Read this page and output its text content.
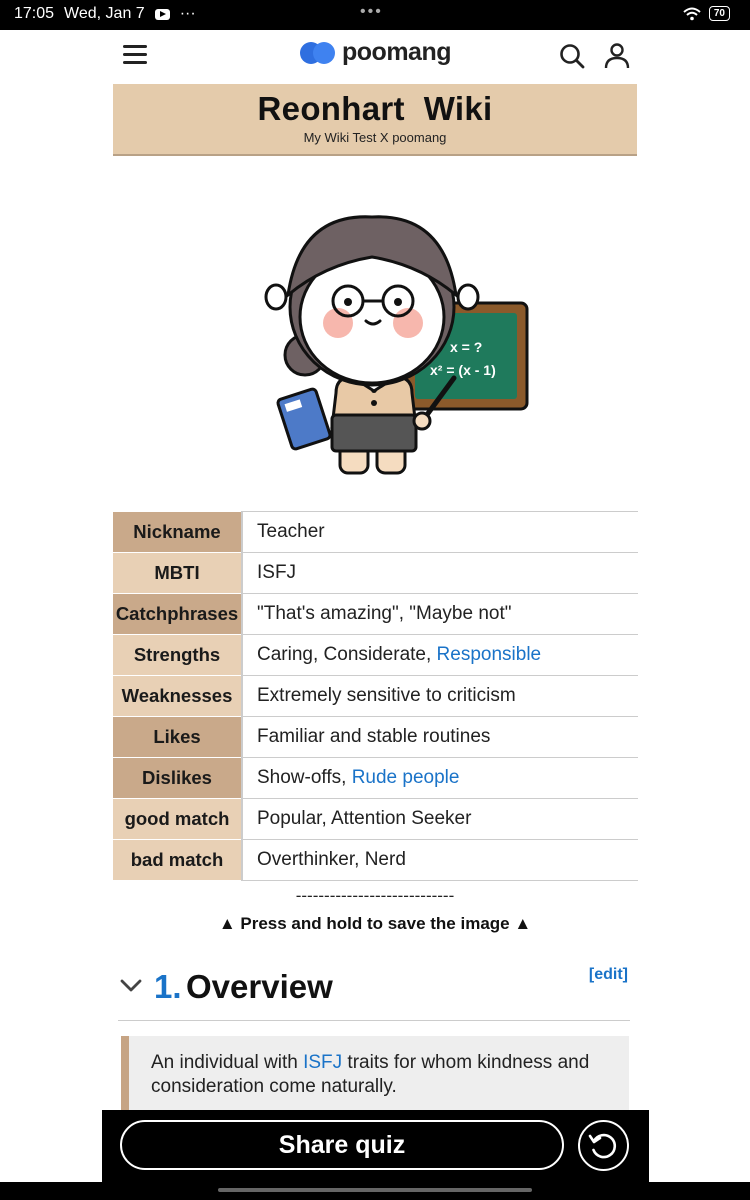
17:05 Wed, Jan 7 ···	•••	70
poomang
Reonhart  Wiki
My Wiki Test X poomang
x = ?
x² = (x - 1)
Nickname	Teacher
MBTI	ISFJ
Catchphrases	"That's amazing", "Maybe not"
Strengths	Caring, Considerate, Responsible
Weaknesses	Extremely sensitive to criticism
Likes	Familiar and stable routines
Dislikes	Show-offs, Rude people
good match	Popular, Attention Seeker
bad match	Overthinker, Nerd
----------------------------
▲ Press and hold to save the image ▲
1. Overview	[edit]
An individual with ISFJ traits for whom kindness and consideration come naturally.
Share quiz
